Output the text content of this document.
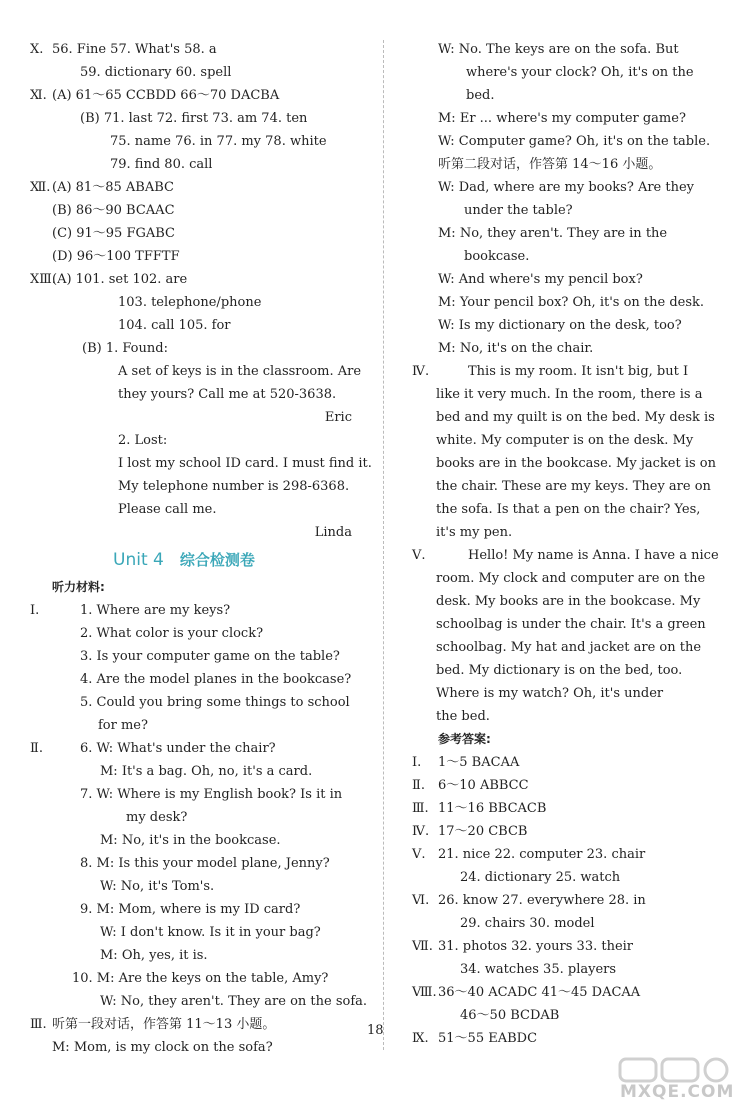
Ⅹ. 56. Fine 57. What's 58. a
59. dictionary 60. spell
Ⅺ. (A) 61～65 CCBDD 66～70 DACBA
(B) 71. last 72. first 73. am 74. ten
75. name 76. in 77. my 78. white
79. find 80. call
Ⅻ. (A) 81～85 ABABC
(B) 86～90 BCAAC
(C) 91～95 FGABC
(D) 96～100 TFFTF
ⅩⅢ.
(A) 101. set 102. are
103. telephone/phone
104. call 105. for
(B) 1. Found:
A set of keys is in the classroom. Are
they yours? Call me at 520-3638.
Eric
2. Lost:
I lost my school ID card. I must find it.
My telephone number is 298-6368.
Please call me.
Linda
Unit 4 综合检测卷
听力材料:
Ⅰ.	1. Where are my keys?
2. What color is your clock?
3. Is your computer game on the table?
4. Are the model planes in the bookcase?
5. Could you bring some things to school
for me?
Ⅱ.	6. W: What's under the chair?
M: It's a bag. Oh, no, it's a card.
7. W: Where is my English book? Is it in
my desk?
M: No, it's in the bookcase.
8. M: Is this your model plane, Jenny?
W: No, it's Tom's.
9. M: Mom, where is my ID card?
W: I don't know. Is it in your bag?
M: Oh, yes, it is.
10. M: Are the keys on the table, Amy?
W: No, they aren't. They are on the sofa.
Ⅲ. 听第一段对话，作答第 11～13 小题。
M: Mom, is my clock on the sofa?
W: No. The keys are on the sofa. But
where's your clock? Oh, it's on the
bed.
M: Er ... where's my computer game?
W: Computer game? Oh, it's on the table.
听第二段对话，作答第 14～16 小题。
W: Dad, where are my books? Are they
under the table?
M: No, they aren't. They are in the
bookcase.
W: And where's my pencil box?
M: Your pencil box? Oh, it's on the desk.
W: Is my dictionary on the desk, too?
M: No, it's on the chair.
Ⅳ.	This is my room. It isn't big, but I
like it very much. In the room, there is a
bed and my quilt is on the bed. My desk is
white. My computer is on the desk. My
books are in the bookcase. My jacket is on
the chair. These are my keys. They are on
the sofa. Is that a pen on the chair? Yes,
it's my pen.
Ⅴ.	Hello! My name is Anna. I have a nice
room. My clock and computer are on the
desk. My books are in the bookcase. My
schoolbag is under the chair. It's a green
schoolbag. My hat and jacket are on the
bed. My dictionary is on the bed, too.
Where is my watch? Oh, it's under
the bed.
参考答案:
Ⅰ. 1～5 BACAA
Ⅱ. 6～10 ABBCC
Ⅲ. 11～16 BBCACB
Ⅳ. 17～20 CBCB
Ⅴ. 21. nice 22. computer 23. chair
24. dictionary 25. watch
Ⅵ. 26. know 27. everywhere 28. in
29. chairs 30. model
Ⅶ. 31. photos 32. yours 33. their
34. watches 35. players
Ⅷ. 36～40 ACADC 41～45 DACAA
46～50 BCDAB
Ⅸ. 51～55 EABDC
18
MXQE.COM
